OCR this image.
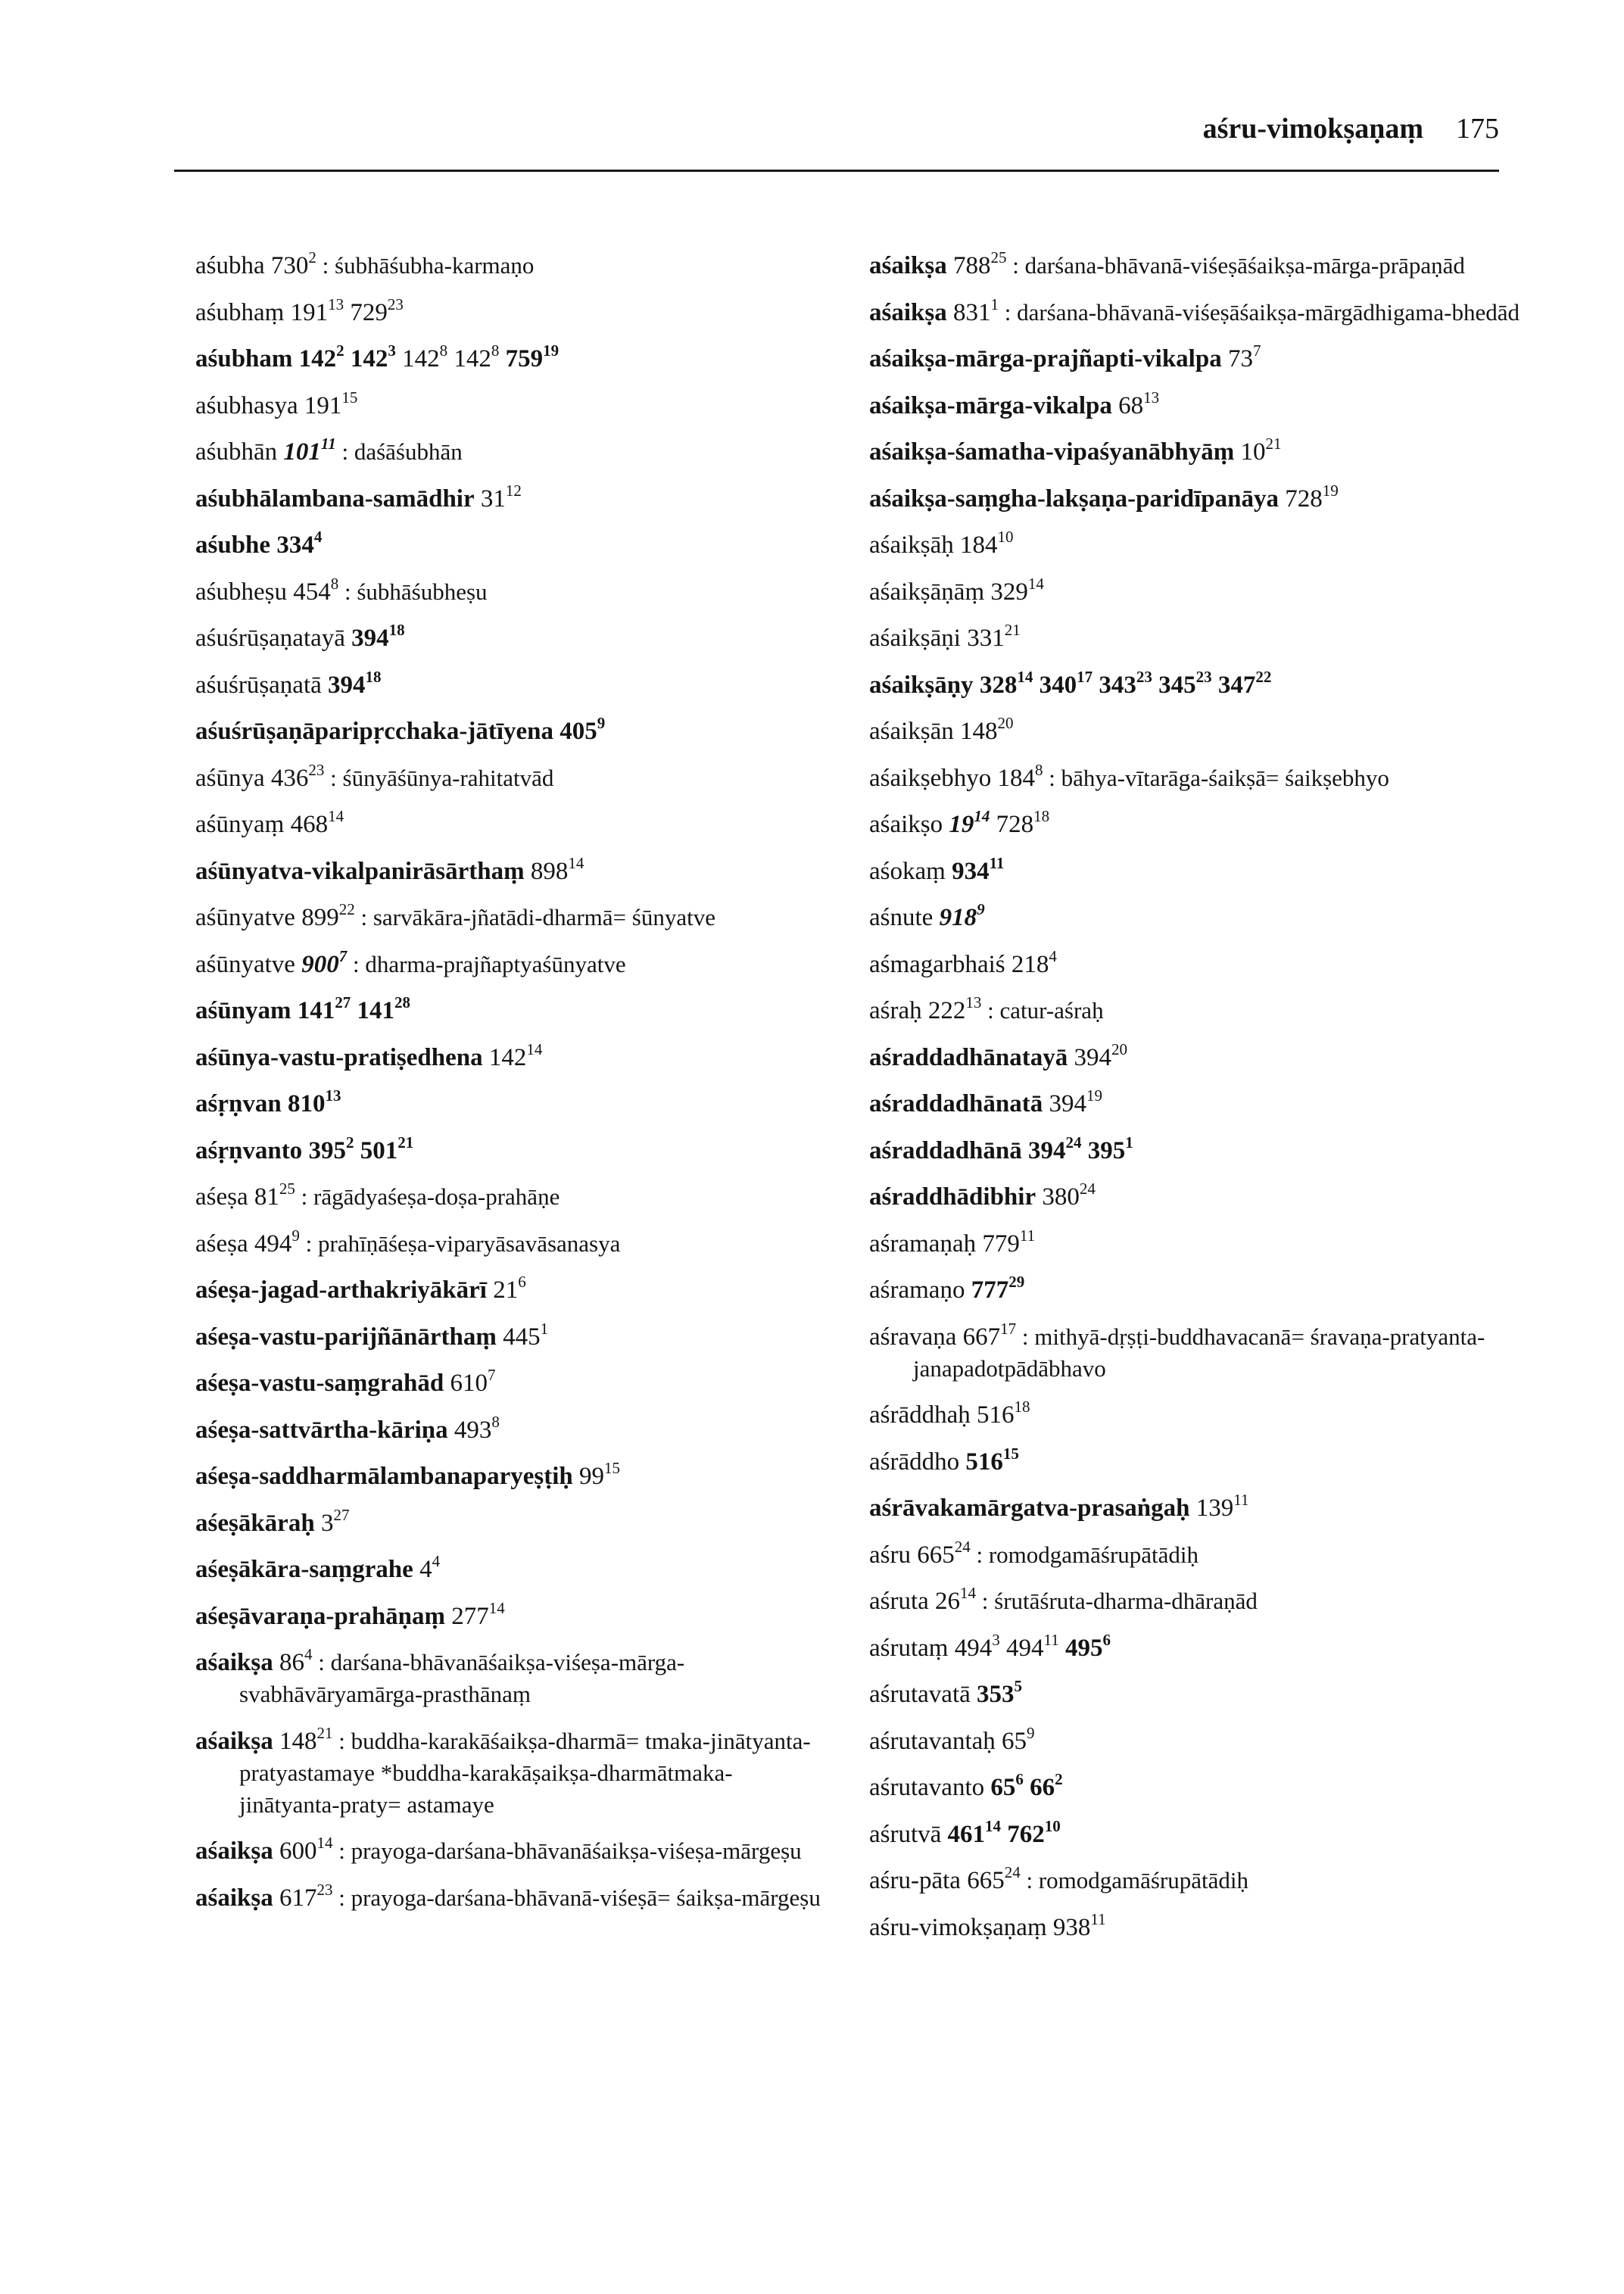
aśru-vimokṣaṇaṃ 175
aśubha $730^2$ : śubhāśubha-karmaṇo
aśubhaṃ $191^{13}$ $729^{23}$
aśubham $142^2$ $142^3$ $142^8$ $142^8$ $759^{19}$
aśubhasya $191^{15}$
aśubhān $101^{11}$ : daśāśubhān
aśubhālambana-samādhir $31^{12}$
aśubhe $334^4$
aśubheṣu $454^8$ : śubhāśubheṣu
aśuśrūṣaṇatayā $394^{18}$
aśuśrūṣaṇatā $394^{18}$
aśuśrūṣaṇāparipṛcchaka-jātīyena $405^9$
aśūnya $436^{23}$ : śūnyāśūnya-rahitatvād
aśūnyaṃ $468^{14}$
aśūnyatva-vikalpanirāsārthaṃ $898^{14}$
aśūnyatve $899^{22}$ : sarvākāra-jñatādi-dharmā= śūnyatve
aśūnyatve $900^7$ : dharma-prajñaptyaśūnyatve
aśūnyam $141^{27}$ $141^{28}$
aśūnya-vastu-pratiṣedhena $142^{14}$
aśṛṇvan $810^{13}$
aśṛṇvanto $395^2$ $501^{21}$
aśeṣa $81^{25}$ : rāgādyaśeṣa-doṣa-prahāṇe
aśeṣa $494^9$ : prahīṇāśeṣa-viparyāsavāsanasya
aśeṣa-jagad-arthakriyākārī $21^6$
aśeṣa-vastu-parijñānārthaṃ $445^1$
aśeṣa-vastu-saṃgrahād $610^7$
aśeṣa-sattvārtha-kāriṇa $493^8$
aśeṣa-saddharmālambanaparyeṣṭiḥ $99^{15}$
aśeṣākāraḥ $3^{27}$
aśeṣākāra-saṃgrahe $4^4$
aśeṣāvaraṇa-prahāṇaṃ $277^{14}$
aśaikṣa $86^4$ : darśana-bhāvanāśaikṣa-viśeṣa-mārga-svabhāvāryamārga-prasthānaṃ
aśaikṣa $148^{21}$ : buddha-karakāśaikṣa-dharmā= tmaka-jinātyanta-pratyastamaye *buddha-karakāṣaikṣa-dharmātmaka-jinātyanta-praty= astamaye
aśaikṣa $600^{14}$ : prayoga-darśana-bhāvanāśaikṣa-viśeṣa-mārgeṣu
aśaikṣa $617^{23}$ : prayoga-darśana-bhāvanā-viśeṣā= śaikṣa-mārgeṣu
aśaikṣa $788^{25}$ : darśana-bhāvanā-viśeṣāśaikṣa-mārga-prāpaṇād
aśaikṣa $831^1$ : darśana-bhāvanā-viśeṣāśaikṣa-mārgādhigama-bhedād
aśaikṣa-mārga-prajñapti-vikalpa $73^7$
aśaikṣa-mārga-vikalpa $68^{13}$
aśaikṣa-śamatha-vipaśyanābhyāṃ $10^{21}$
aśaikṣa-saṃgha-lakṣaṇa-paridīpanāya $728^{19}$
aśaikṣāḥ $184^{10}$
aśaikṣāṇāṃ $329^{14}$
aśaikṣāṇi $331^{21}$
aśaikṣāṇy $328^{14}$ $340^{17}$ $343^{23}$ $345^{23}$ $347^{22}$
aśaikṣān $148^{20}$
aśaikṣebhyo $184^8$ : bāhya-vītarāga-śaikṣā= śaikṣebhyo
aśaikṣo $19^{14}$ $728^{18}$
aśokaṃ $934^{11}$
aśnute $918^9$
aśmagarbhaiś $218^4$
aśraḥ $222^{13}$ : catur-aśraḥ
aśraddadhānatayā $394^{20}$
aśraddadhānatā $394^{19}$
aśraddadhānā $394^{24}$ $395^1$
aśraddhādibhir $380^{24}$
aśramaṇaḥ $779^{11}$
aśramaṇo $777^{29}$
aśravaṇa $667^{17}$ : mithyā-dṛṣṭi-buddhavacanā= śravaṇa-pratyanta-janapadotpādābhavo
aśrāddhaḥ $516^{18}$
aśrāddho $516^{15}$
aśrāvakamārgatva-prasaṅgaḥ $139^{11}$
aśru $665^{24}$ : romodgamāśrupātādiḥ
aśruta $26^{14}$ : śrutāśruta-dharma-dhāraṇād
aśrutaṃ $494^3$ $494^{11}$ $495^6$
aśrutavatā $353^5$
aśrutavantaḥ $65^9$
aśrutavanto $65^6$ $66^2$
aśrutvā $461^{14}$ $762^{10}$
aśru-pāta $665^{24}$ : romodgamāśrupātādiḥ
aśru-vimokṣaṇaṃ $938^{11}$
